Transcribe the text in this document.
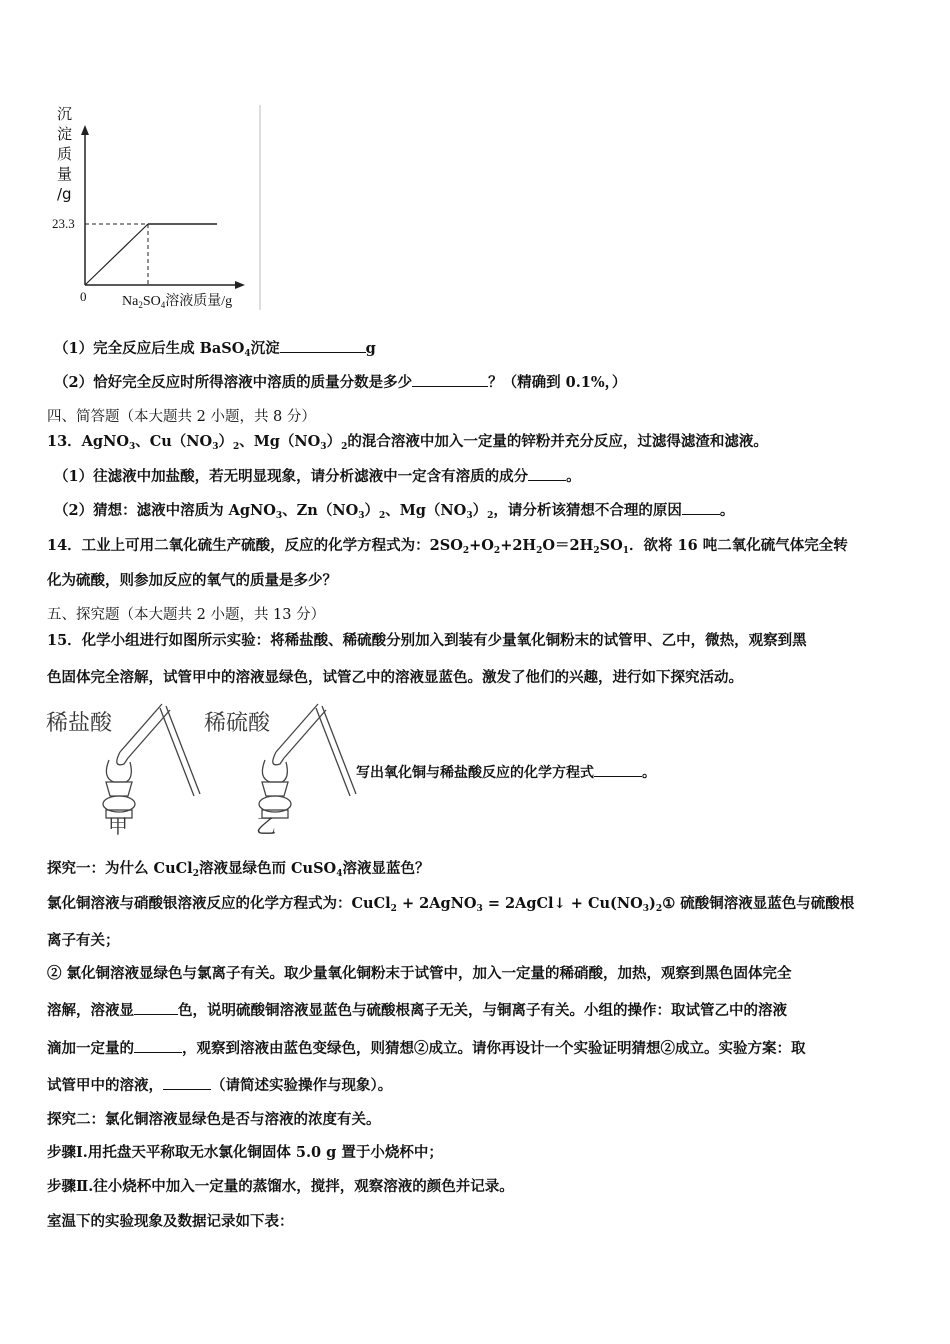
沉
淀
质
量
/g
23.3
0	$Na_2SO_4$溶液质量/g
（1）完全反应后生成 BaSO$_4$沉淀	g
（2）恰好完全反应时所得溶液中溶质的质量分数是多少	？（精确到 0.1%，）
四、简答题（本大题共 2 小题，共 8 分）
13．AgNO$_3$、$Cu(NO_3)_2$、$Mg(NO_3)_2$的混合溶液中加入一定量的锌粉并充分反应，过滤得滤渣和滤液。
（1）往滤液中加盐酸，若无明显现象，请分析滤液中一定含有溶质的成分	。
（2）猜想：滤液中溶质为 AgNO$_3$、$Zn(NO_3)_2$、$Mg(NO_3)_2$，请分析该猜想不合理的原因	。
14．工业上可用二氧化硫生产硫酸，反应的化学方程式为：$2SO_2+O_2+2H_2O=2H_2SO_1$．欲将 16 吨二氧化硫气体完全转
化为硫酸，则参加反应的氧气的质量是多少？
五、探究题（本大题共 2 小题，共 13 分）
15．化学小组进行如图所示实验：将稀盐酸、稀硫酸分别加入到装有少量氧化铜粉末的试管甲、乙中，微热，观察到黑
色固体完全溶解，试管甲中的溶液显绿色，试管乙中的溶液显蓝色。激发了他们的兴趣，进行如下探究活动。
稀盐酸	稀硫酸
甲	乙
写出氧化铜与稀盐酸反应的化学方程式	。
探究一：为什么 CuCl$_2$溶液显绿色而 CuSO$_4$溶液显蓝色？
氯化铜溶液与硝酸银溶液反应的化学方程式为：CuCl$_2$ + 2AgNO$_3$ = 2AgCl↓ + $Cu(NO_3)_2①$ 硫酸铜溶液显蓝色与硫酸根
离子有关；
② 氯化铜溶液显绿色与氯离子有关。取少量氧化铜粉末于试管中，加入一定量的稀硝酸，加热，观察到黑色固体完全
溶解，溶液显	色，说明硫酸铜溶液显蓝色与硫酸根离子无关，与铜离子有关。小组的操作：取试管乙中的溶液
滴加一定量的	，观察到溶液由蓝色变绿色，则猜想②成立。请你再设计一个实验证明猜想②成立。实验方案：取
试管甲中的溶液，	（请简述实验操作与现象）。
探究二：氯化铜溶液显绿色是否与溶液的浓度有关。
步骤Ⅰ.用托盘天平称取无水氯化铜固体 5.0 g 置于小烧杯中；
步骤Ⅱ.往小烧杯中加入一定量的蒸馏水，搅拌，观察溶液的颜色并记录。
室温下的实验现象及数据记录如下表：
